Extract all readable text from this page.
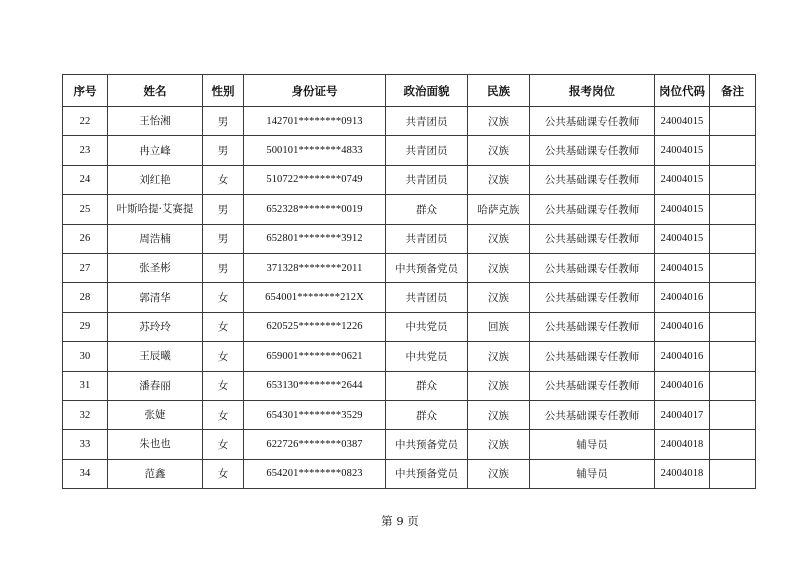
序号	姓名	性别	身份证号	政治面貌	民族	报考岗位	岗位代码	备注
22	王怡湘	男	142701********0913	共青团员	汉族	公共基础课专任教师	24004015	
23	冉立峰	男	500101********4833	共青团员	汉族	公共基础课专任教师	24004015	
24	刘红艳	女	510722********0749	共青团员	汉族	公共基础课专任教师	24004015	
25	叶斯哈提·艾赛提	男	652328********0019	群众	哈萨克族	公共基础课专任教师	24004015	
26	周浩楠	男	652801********3912	共青团员	汉族	公共基础课专任教师	24004015	
27	张圣彬	男	371328********2011	中共预备党员	汉族	公共基础课专任教师	24004015	
28	郭清华	女	654001********212X	共青团员	汉族	公共基础课专任教师	24004016	
29	苏玲玲	女	620525********1226	中共党员	回族	公共基础课专任教师	24004016	
30	王辰曦	女	659001********0621	中共党员	汉族	公共基础课专任教师	24004016	
31	潘春丽	女	653130********2644	群众	汉族	公共基础课专任教师	24004016	
32	张婕	女	654301********3529	群众	汉族	公共基础课专任教师	24004017	
33	朱也也	女	622726********0387	中共预备党员	汉族	辅导员	24004018	
34	范鑫	女	654201********0823	中共预备党员	汉族	辅导员	24004018	
第 9 页
